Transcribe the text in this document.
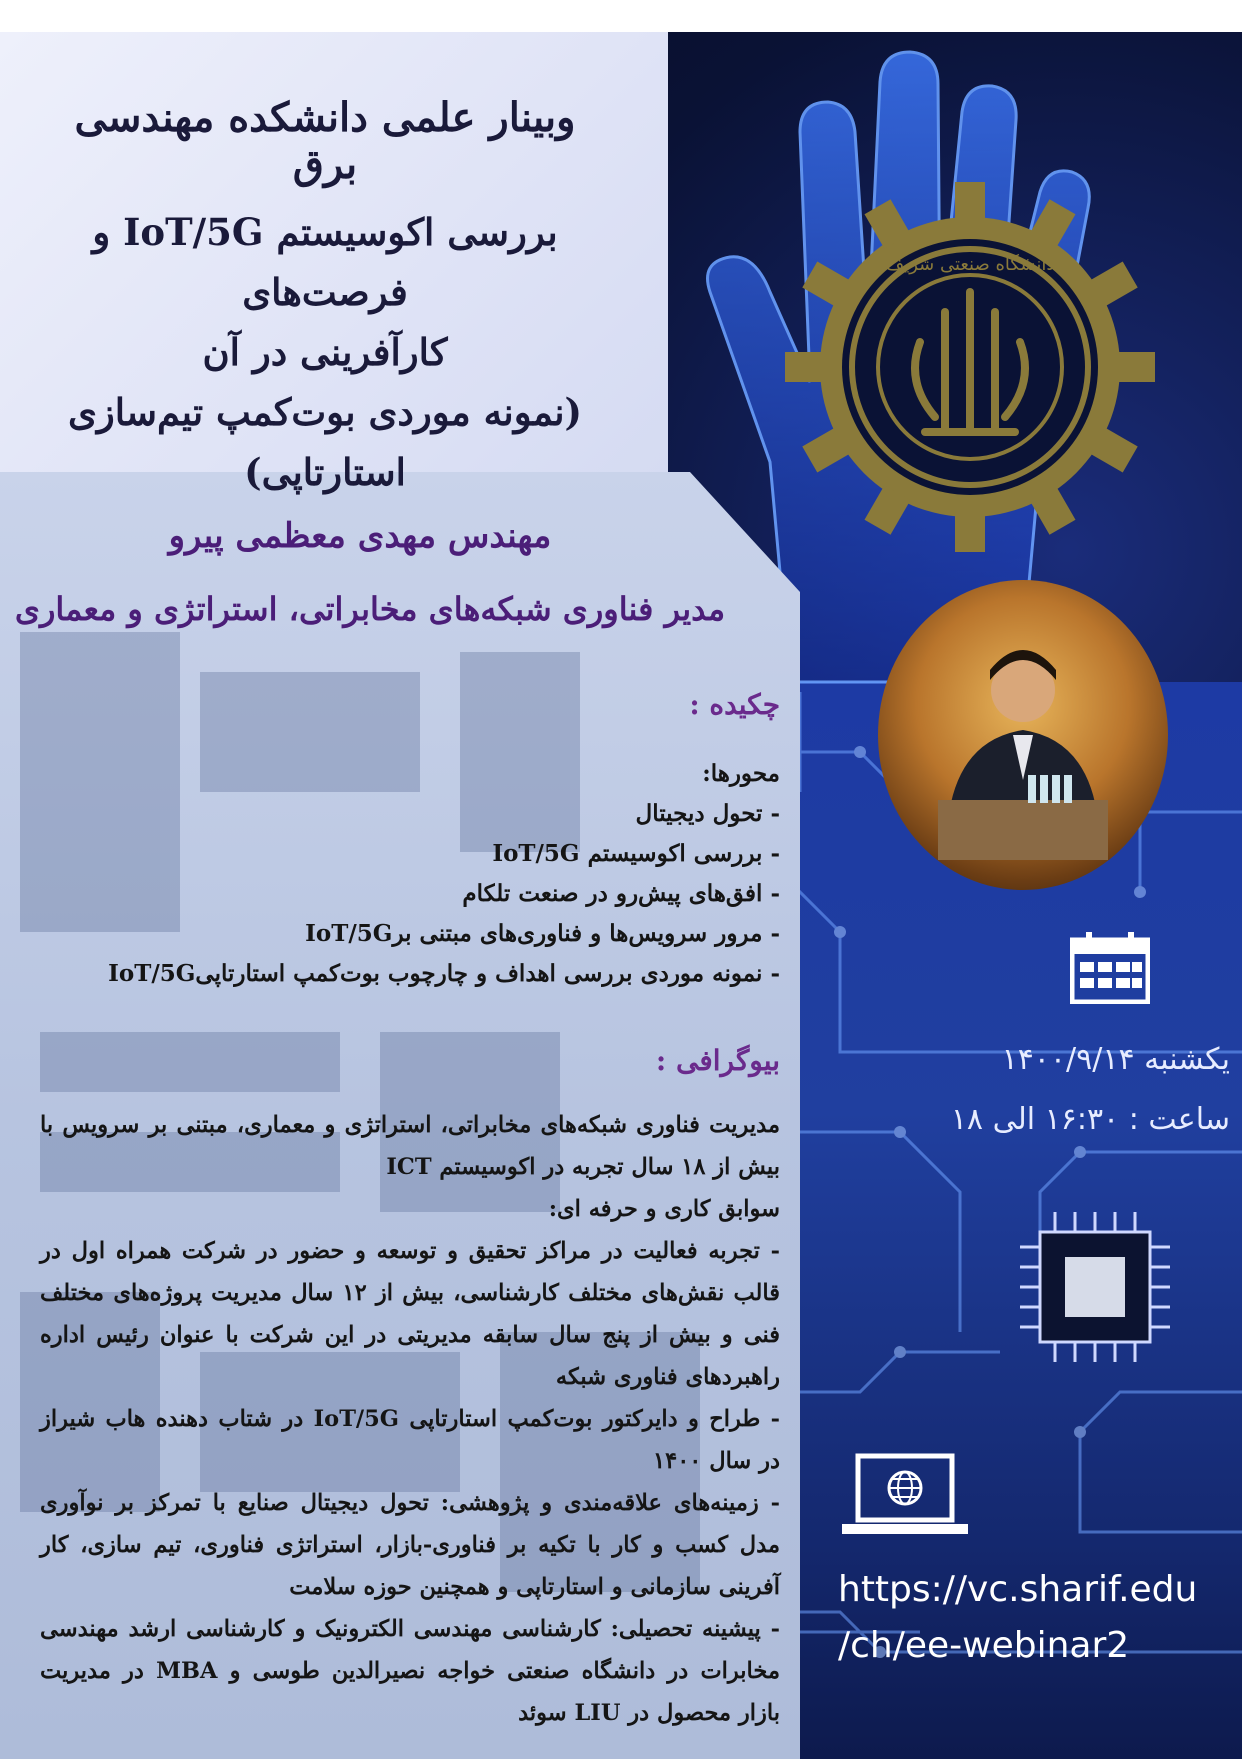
وبینار علمی دانشکده مهندسی برق
بررسی اکوسیستم IoT/5G و فرصت‌های
کارآفرینی در آن
(نمونه موردی بوت‌کمپ تیم‌سازی استارتاپی)
مهندس مهدی معظمی پیرو
مدیر فناوری شبکه‌های مخابراتی، استراتژی و معماری
چکیده :
محورها:
- تحول دیجیتال
- بررسی اکوسیستم IoT/5G
- افق‌های پیش‌رو در صنعت تلکام
- مرور سرویس‌ها و فناوری‌های مبتنی برIoT/5G
- نمونه موردی بررسی اهداف و چارچوب بوت‌کمپ استارتاپیIoT/5G
بیوگرافی :

مدیریت فناوری شبکه‌های مخابراتی، استراتژی و معماری، مبتنی بر سرویس با بیش از ۱۸ سال تجربه در اکوسیستم ICT

سوابق کاری و حرفه ای:

- تجربه فعالیت در مراکز تحقیق و توسعه و حضور در شرکت همراه اول در قالب نقش‌های مختلف کارشناسی، بیش از ۱۲ سال مدیریت پروژه‌های مختلف فنی و بیش از پنج سال سابقه مدیریتی در این شرکت با عنوان رئیس اداره راهبردهای فناوری شبکه

- طراح و دایرکتور بوت‌کمپ استارتاپی IoT/5G در شتاب دهنده هاب شیراز در سال ۱۴۰۰

- زمینه‌های علاقه‌مندی و پژوهشی: تحول دیجیتال صنایع با تمرکز بر نوآوری مدل کسب و کار با تکیه بر فناوری-بازار، استراتژی فناوری، تیم سازی، کار آفرینی سازمانی و استارتاپی و همچنین حوزه سلامت

- پیشینه تحصیلی: کارشناسی مهندسی الکترونیک و کارشناسی ارشد مهندسی مخابرات در دانشگاه صنعتی خواجه نصیرالدین طوسی و MBA در مدیریت بازار محصول در LIU سوئد

دانشگاه صنعتی شریف
یکشنبه ۱۴۰۰/۹/۱۴
ساعت : ۱۶:۳۰ الی ۱۸
https://vc.sharif.edu
/ch/ee-webinar2
